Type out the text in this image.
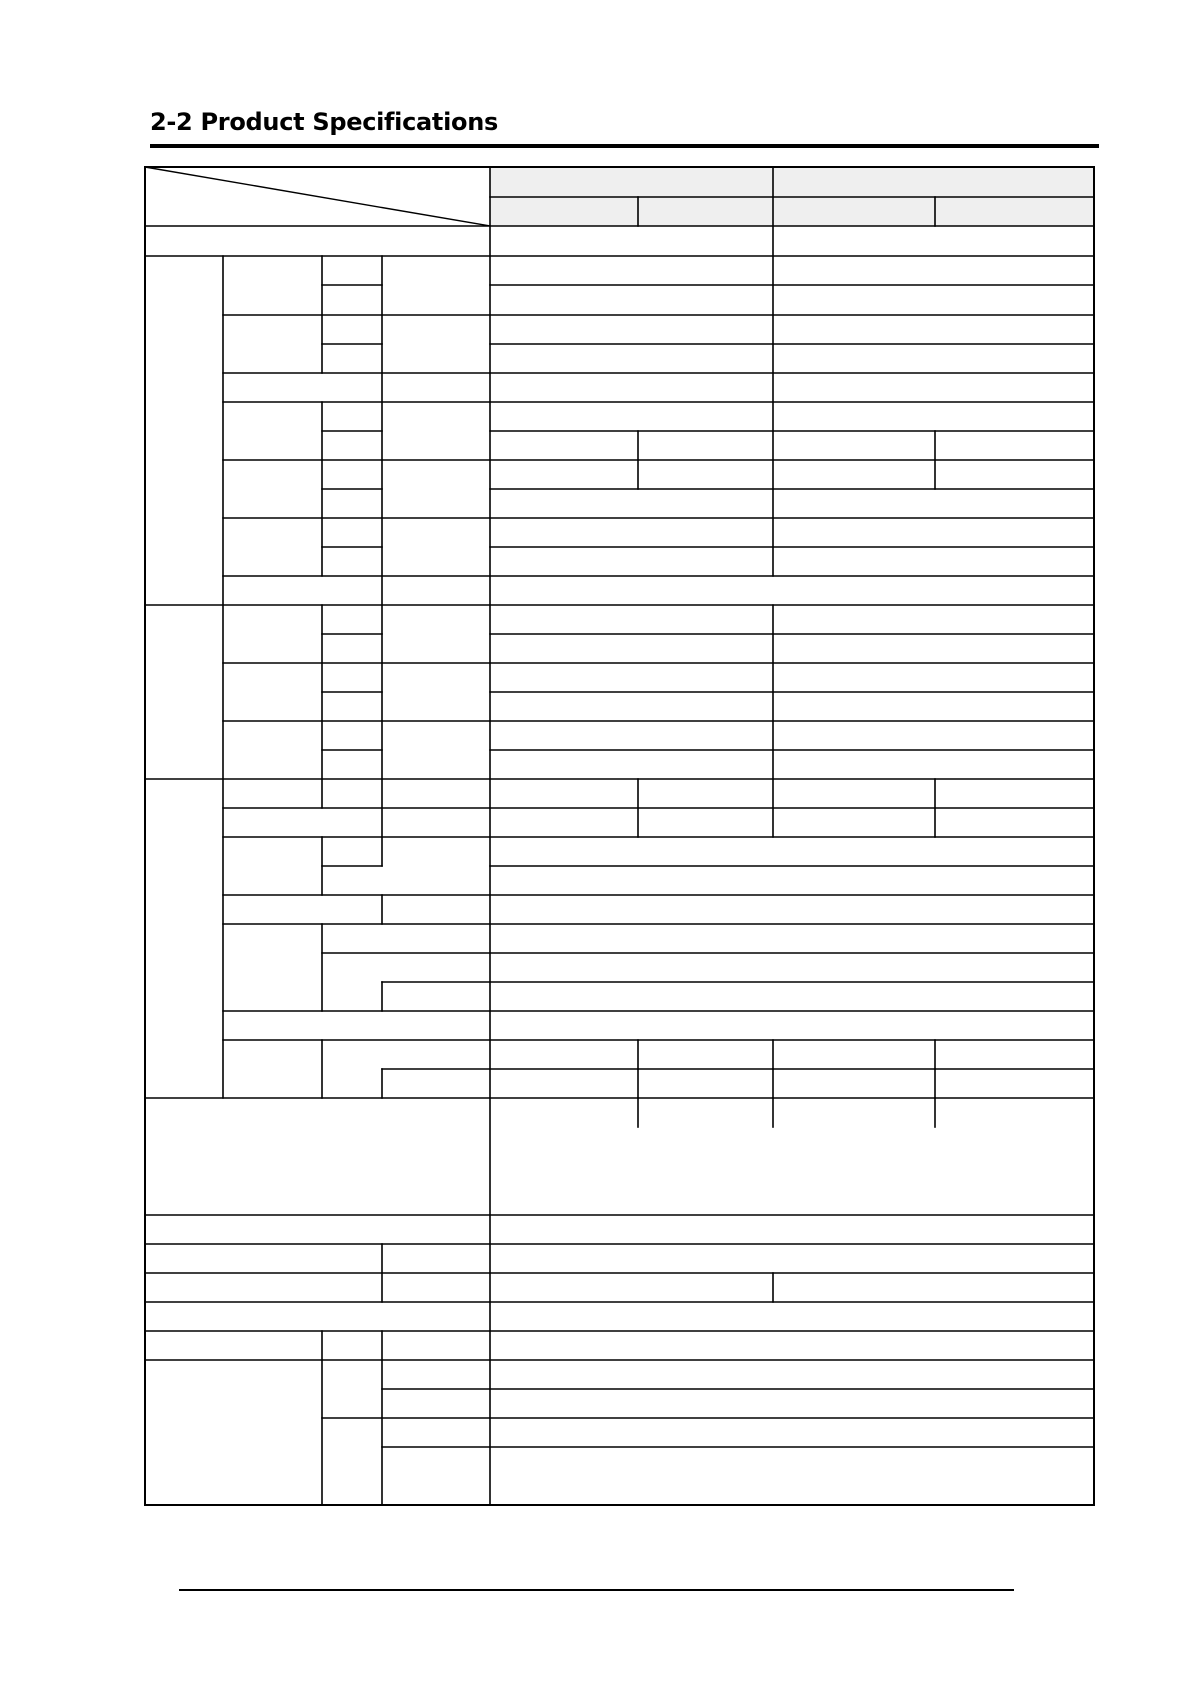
2-2 Product Specifications
